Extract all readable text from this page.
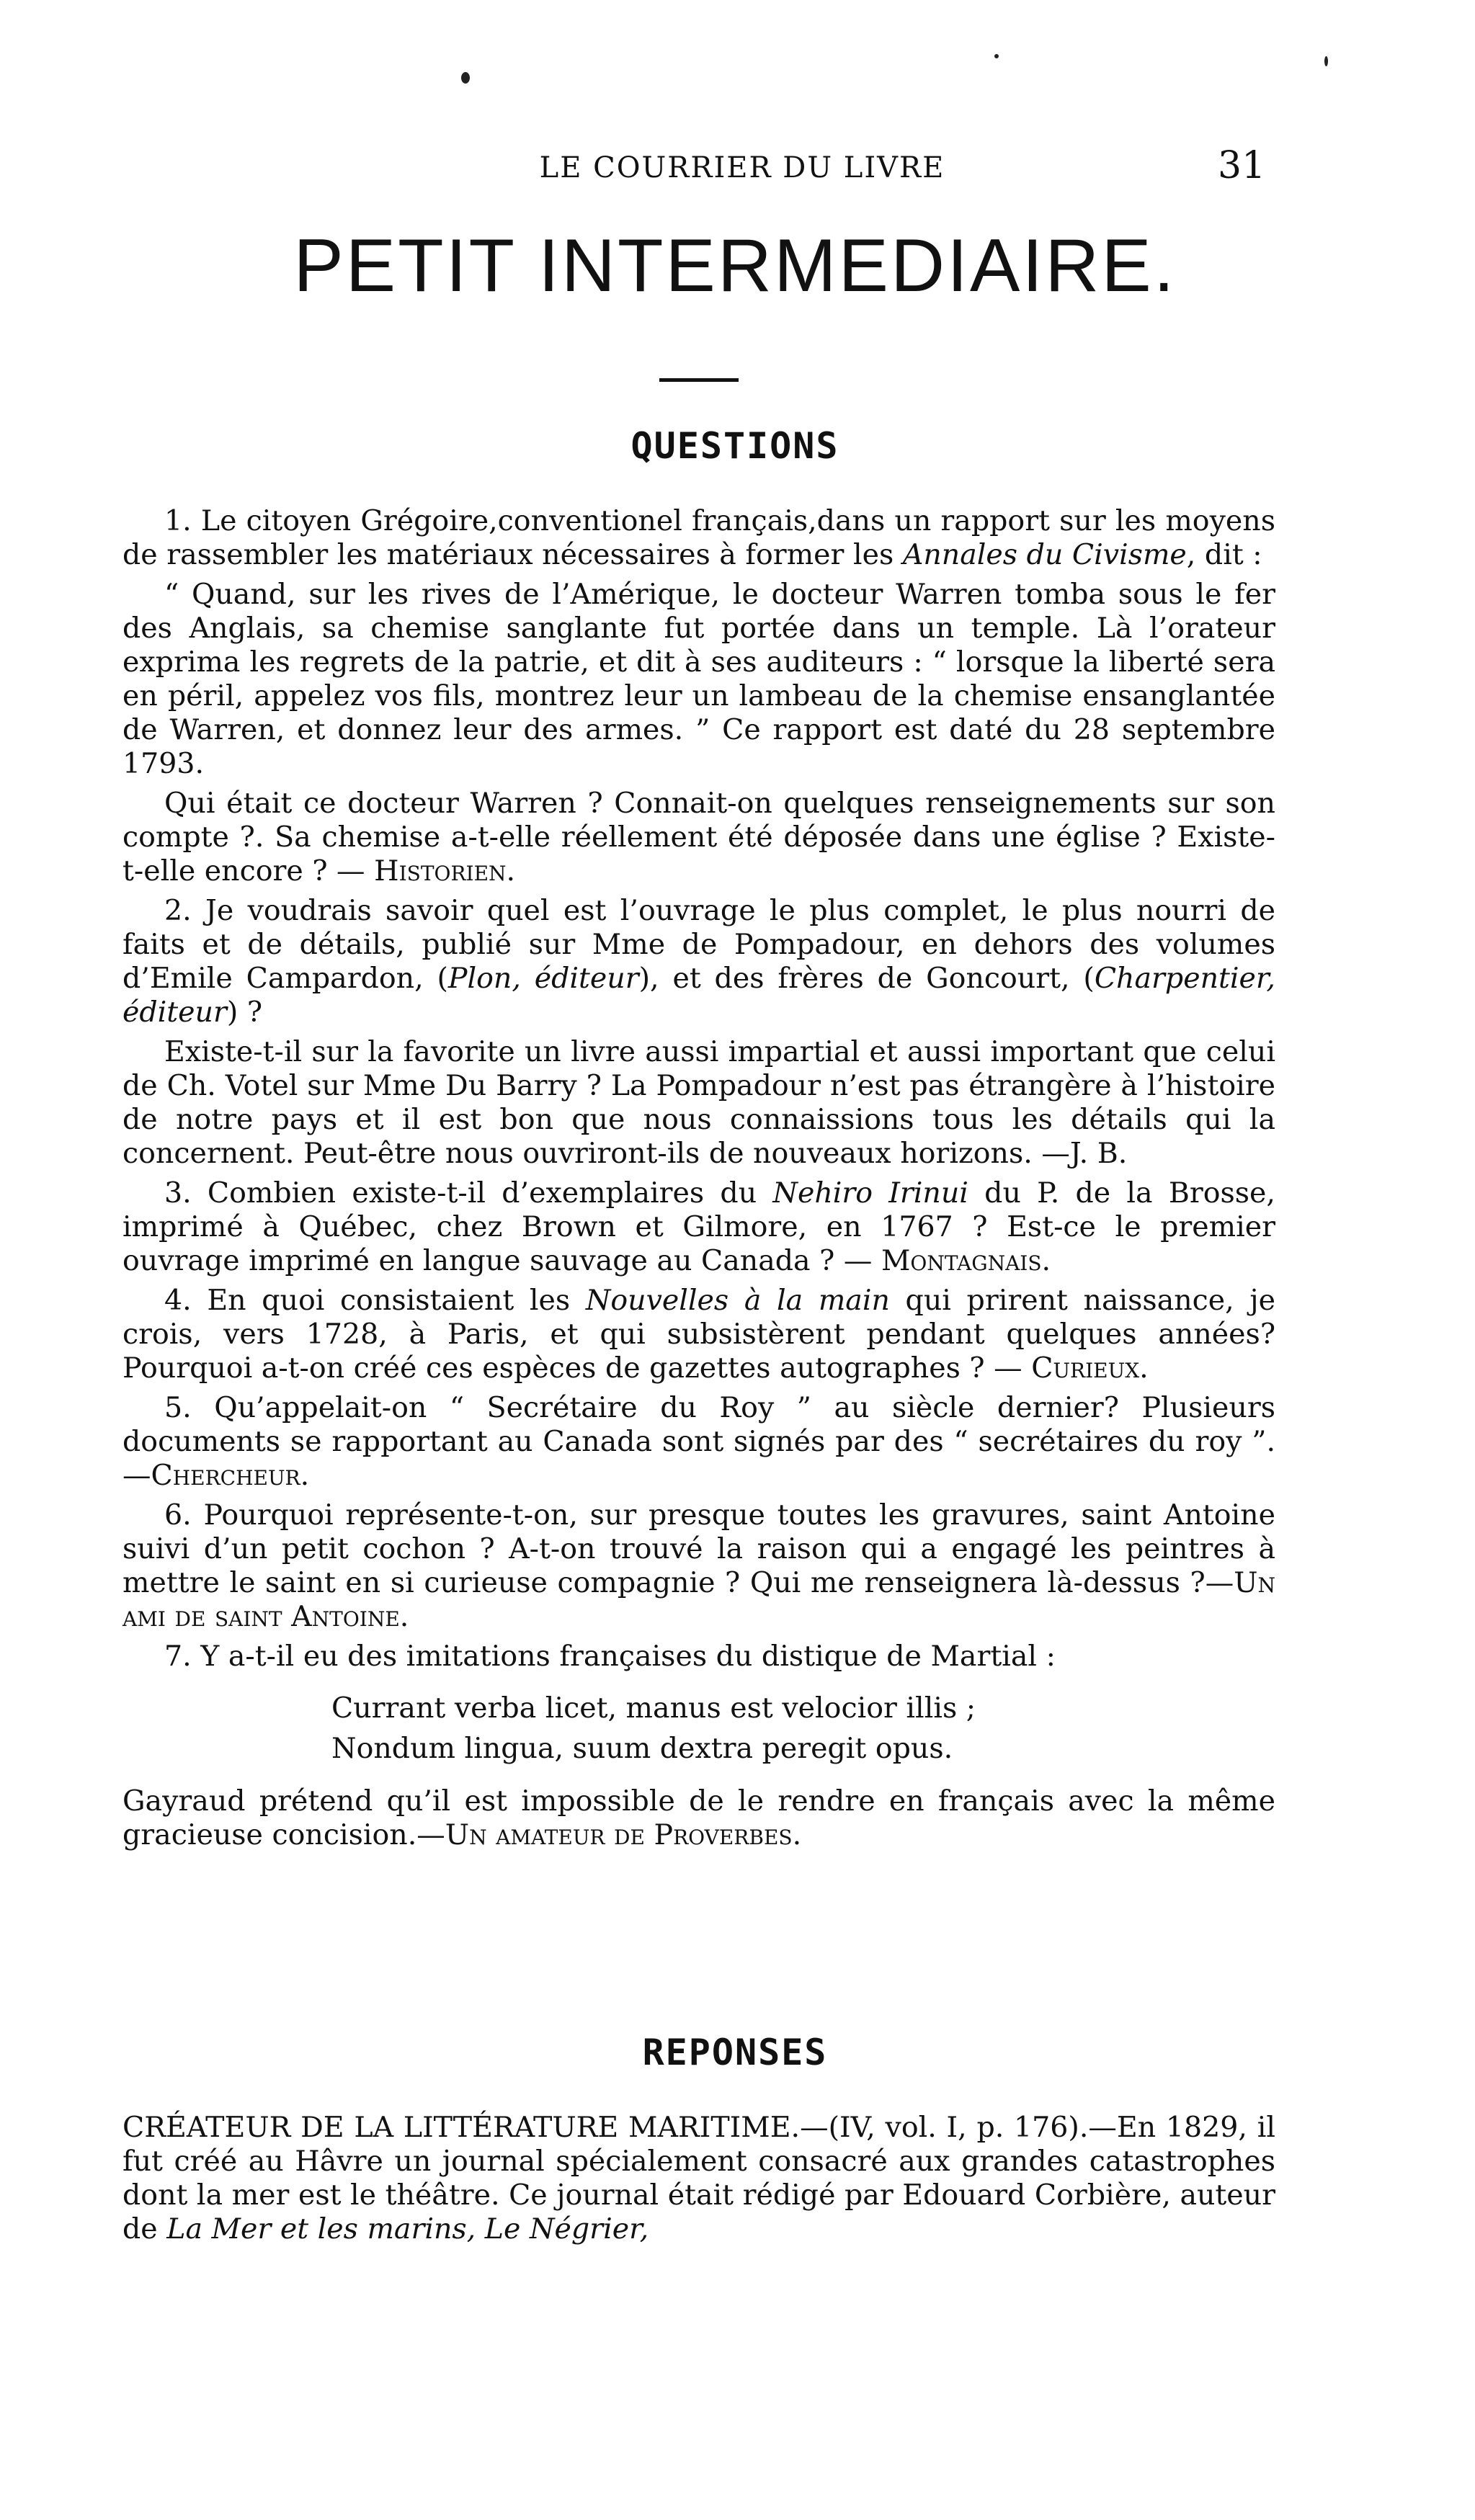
LE COURRIER DU LIVRE	31
PETIT INTERMEDIAIRE.
QUESTIONS

1. Le citoyen Grégoire,conventionel français,dans un rapport sur les moyens de rassembler les matériaux nécessaires à former les Annales du Civisme, dit :

“ Quand, sur les rives de l’Amérique, le docteur Warren tomba sous le fer des Anglais, sa chemise sanglante fut portée dans un temple. Là l’orateur exprima les regrets de la patrie, et dit à ses auditeurs : “ lorsque la liberté sera en péril, appelez vos fils, montrez leur un lambeau de la chemise ensanglantée de Warren, et donnez leur des armes. ” Ce rapport est daté du 28 septembre 1793.

Qui était ce docteur Warren ? Connait-on quelques renseignements sur son compte ?. Sa chemise a-t-elle réellement été déposée dans une église ? Existe-t-elle encore ? — Historien.

2. Je voudrais savoir quel est l’ouvrage le plus complet, le plus nourri de faits et de détails, publié sur Mme de Pompadour, en dehors des volumes d’Emile Campardon, (Plon, éditeur), et des frères de Goncourt, (Charpentier, éditeur) ?

Existe-t-il sur la favorite un livre aussi impartial et aussi important que celui de Ch. Votel sur Mme Du Barry ? La Pompadour n’est pas étrangère à l’histoire de notre pays et il est bon que nous connaissions tous les détails qui la concernent. Peut-être nous ouvriront-ils de nouveaux horizons. —J. B.

3. Combien existe-t-il d’exemplaires du Nehiro Irinui du P. de la Brosse, imprimé à Québec, chez Brown et Gilmore, en 1767 ? Est-ce le premier ouvrage imprimé en langue sauvage au Canada ? — Montagnais.

4. En quoi consistaient les Nouvelles à la main qui prirent naissance, je crois, vers 1728, à Paris, et qui subsistèrent pendant quelques années? Pourquoi a-t-on créé ces espèces de gazettes autographes ? — Curieux.

5. Qu’appelait-on “ Secrétaire du Roy ” au siècle dernier? Plusieurs documents se rapportant au Canada sont signés par des “ secrétaires du roy ”.—Chercheur.

6. Pourquoi représente-t-on, sur presque toutes les gravures, saint Antoine suivi d’un petit cochon ? A-t-on trouvé la raison qui a engagé les peintres à mettre le saint en si curieuse compagnie ? Qui me renseignera là-dessus ?—Un ami de saint Antoine.

7. Y a-t-il eu des imitations françaises du distique de Martial :

Currant verba licet, manus est velocior illis ;
Nondum lingua, suum dextra peregit opus.

Gayraud prétend qu’il est impossible de le rendre en français avec la même gracieuse concision.—Un amateur de Proverbes.

REPONSES

CRÉATEUR DE LA LITTÉRATURE MARITIME.—(IV, vol. I, p. 176).—En 1829, il fut créé au Hâvre un journal spécialement consacré aux grandes catastrophes dont la mer est le théâtre. Ce journal était rédigé par Edouard Corbière, auteur de La Mer et les marins, Le Négrier,
